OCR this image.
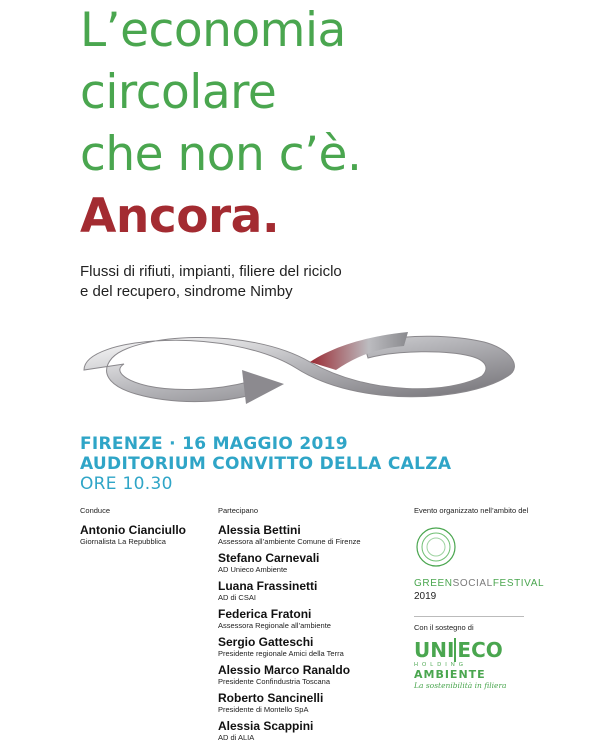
L’economia
circolare
che non c’è.
Ancora.
Flussi di rifiuti, impianti, filiere del riciclo
e del recupero, sindrome Nimby
FIRENZE · 16 MAGGIO 2019
AUDITORIUM CONVITTO DELLA CALZA
ORE 10.30
Conduce
Antonio Cianciullo
Giornalista La Repubblica
Partecipano
Alessia Bettini
Assessora all’ambiente Comune di Firenze
Stefano Carnevali
AD Unieco Ambiente
Luana Frassinetti
AD di CSAI
Federica Fratoni
Assessora Regionale all’ambiente
Sergio Gatteschi
Presidente regionale Amici della Terra
Alessio Marco Ranaldo
Presidente Confindustria Toscana
Roberto Sancinelli
Presidente di Montello SpA
Alessia Scappini
AD di ALIA
Evento organizzato nell’ambito del
GREENSOCIALFESTIVAL
2019
Con il sostegno di
UNI ECO
HOLDING
AMBIENTE
La sostenibilità in filiera
